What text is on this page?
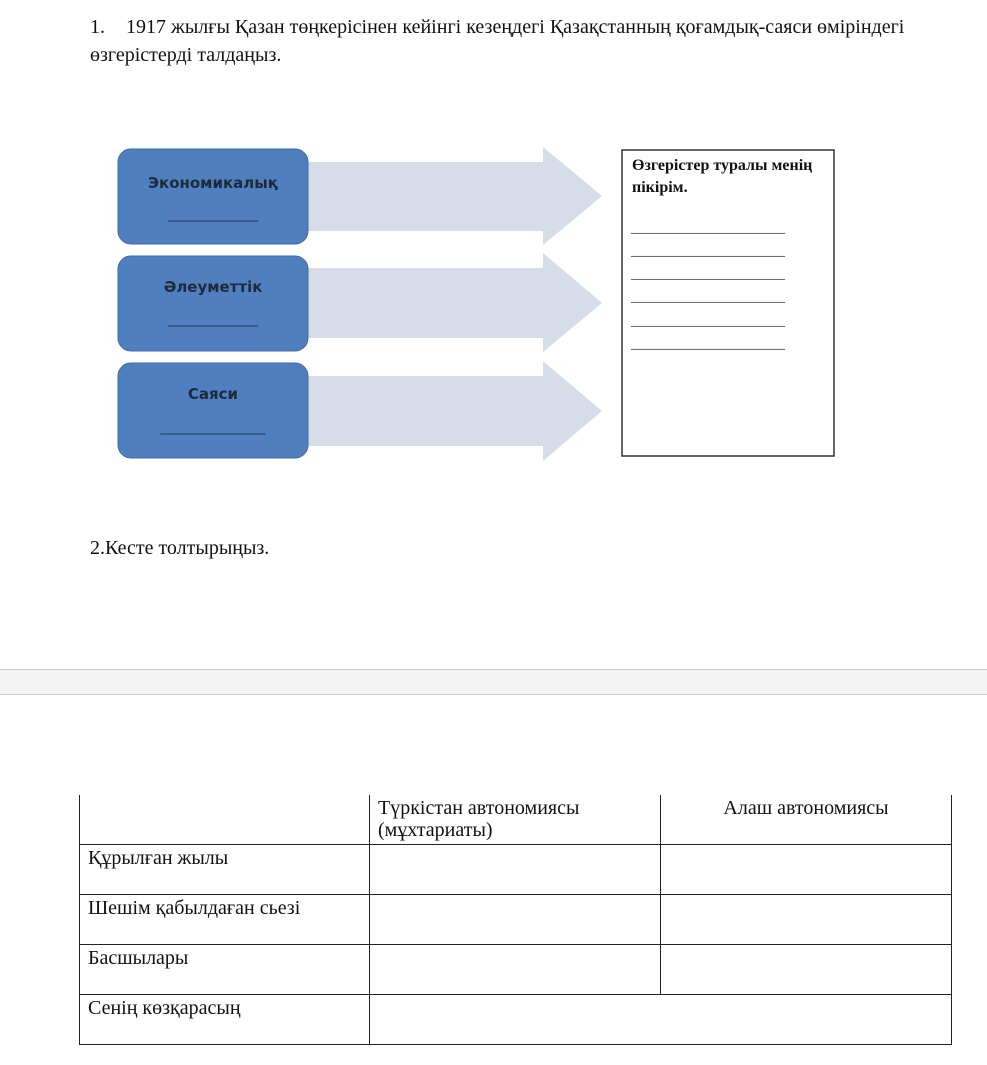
1. 1917 жылғы Қазан төңкерісінен кейінгі кезеңдегі Қазақстанның қоғамдық-саяси өміріндегі өзгерістерді талдаңыз.

Экономикалық
____________
Әлеуметтік
____________
Саяси
______________
______________________
______________________
______________________
______________________
______________________
______________________

Өзгерістер туралы менің пікірім.

2.Кесте толтырыңыз.

	Түркістан автономиясы (мұхтариаты)	Алаш автономиясы
Құрылған жылы		
Шешім қабылдаған сьезі		
Басшылары		
Сенің көзқарасың		
